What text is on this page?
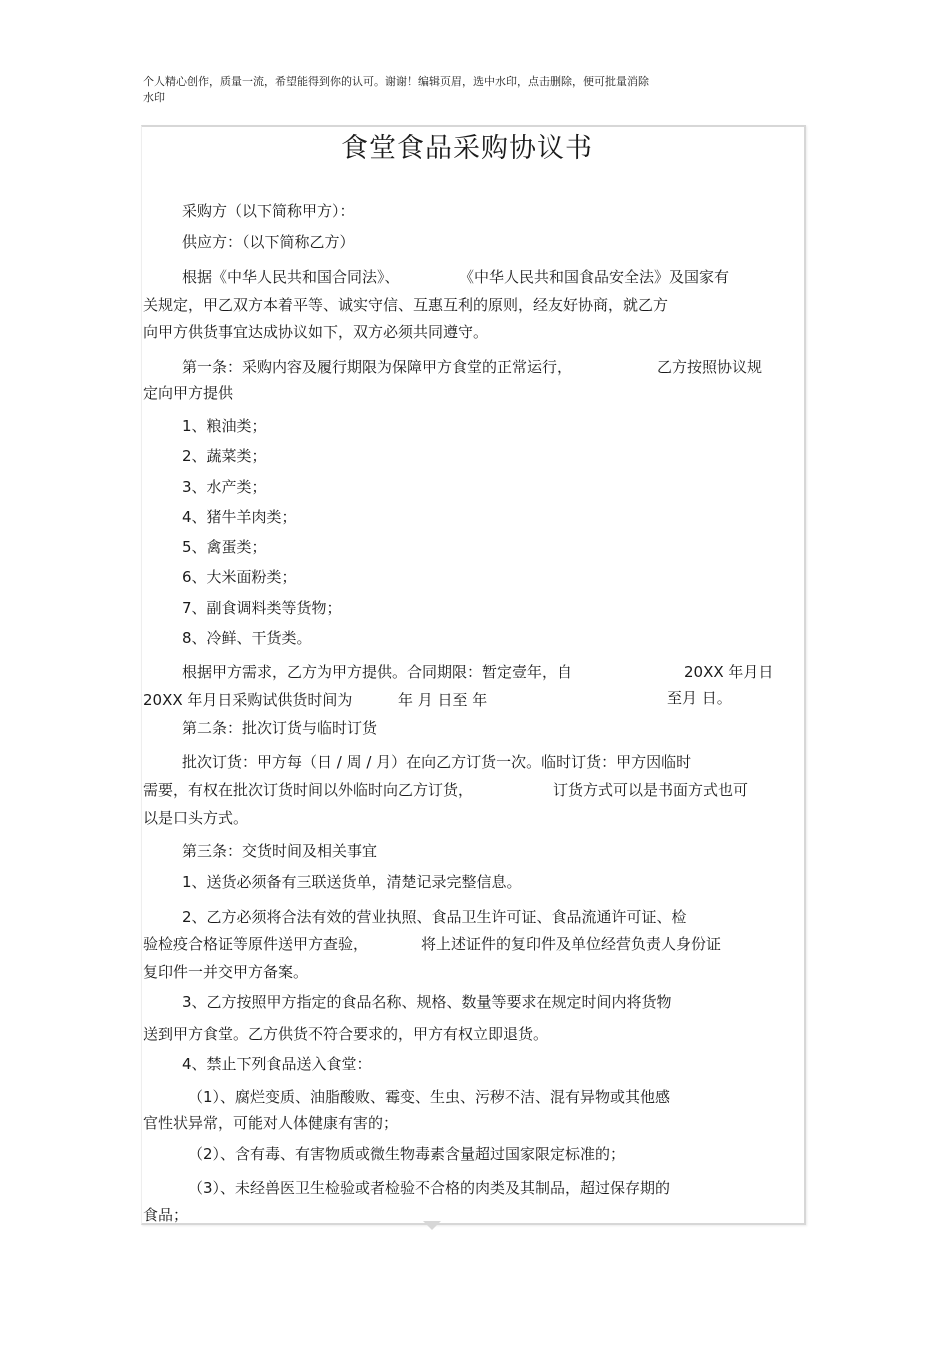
个人精心创作，质量一流，希望能得到你的认可。谢谢！编辑页眉，选中水印，点击删除，便可批量消除
水印
食堂食品采购协议书
采购方（以下简称甲方）：
供应方：（以下简称乙方）
根据《中华人民共和国合同法》、	《中华人民共和国食品安全法》及国家有
关规定，甲乙双方本着平等、诚实守信、互惠互利的原则，经友好协商，就乙方
向甲方供货事宜达成协议如下，双方必须共同遵守。
第一条：采购内容及履行期限为保障甲方食堂的正常运行，	乙方按照协议规
定向甲方提供
1、粮油类；
2、蔬菜类；
3、水产类；
4、猪牛羊肉类；
5、禽蛋类；
6、大米面粉类；
7、副食调料类等货物；
8、冷鲜、干货类。
根据甲方需求，乙方为甲方提供。合同期限：暂定壹年，自	20XX 年月日
20XX 年月日采购试供货时间为	年 月 日至 年	至月 日。
第二条：批次订货与临时订货
批次订货：甲方每（日 / 周 / 月）在向乙方订货一次。临时订货：甲方因临时
需要，有权在批次订货时间以外临时向乙方订货，	订货方式可以是书面方式也可
以是口头方式。
第三条：交货时间及相关事宜
1、送货必须备有三联送货单，清楚记录完整信息。
2、乙方必须将合法有效的营业执照、食品卫生许可证、食品流通许可证、检
验检疫合格证等原件送甲方查验，	将上述证件的复印件及单位经营负责人身份证
复印件一并交甲方备案。
3、乙方按照甲方指定的食品名称、规格、数量等要求在规定时间内将货物
送到甲方食堂。乙方供货不符合要求的，甲方有权立即退货。
4、禁止下列食品送入食堂：
（1）、腐烂变质、油脂酸败、霉变、生虫、污秽不洁、混有异物或其他感
官性状异常，可能对人体健康有害的；
（2）、含有毒、有害物质或微生物毒素含量超过国家限定标准的；
（3）、未经兽医卫生检验或者检验不合格的肉类及其制品，超过保存期的
食品；
